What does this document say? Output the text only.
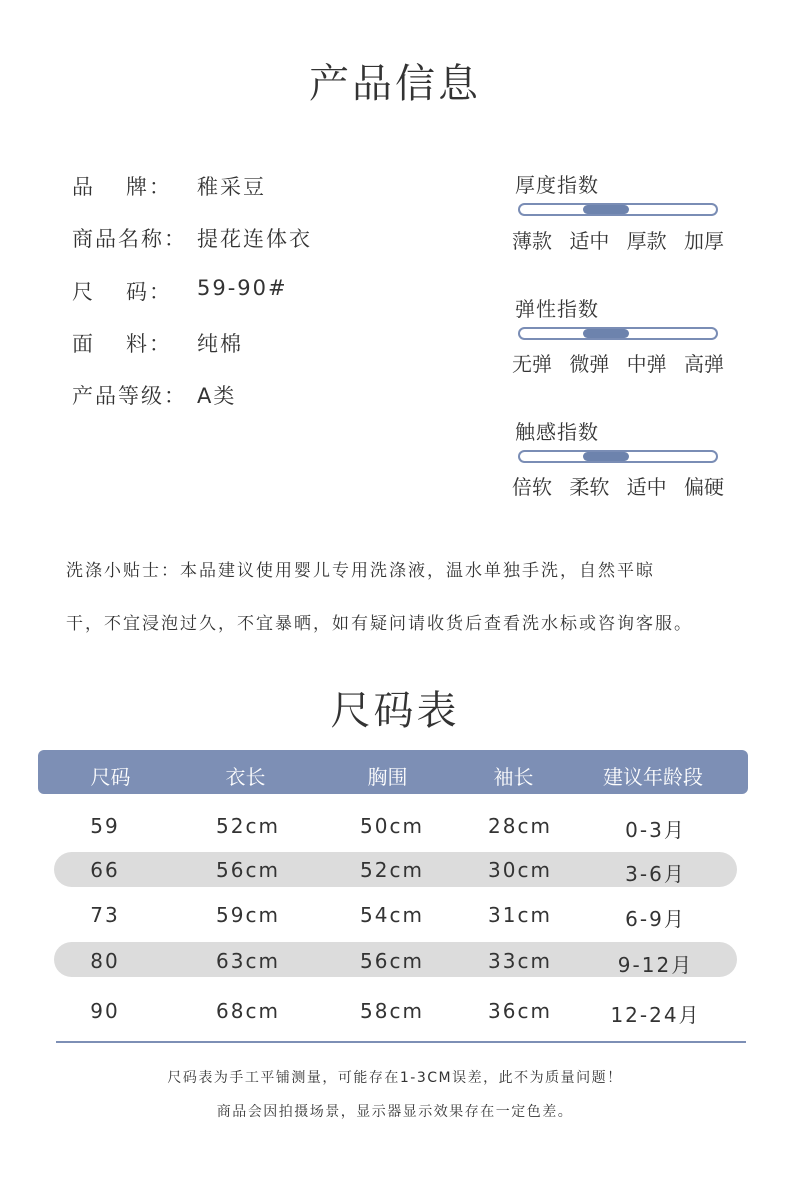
产品信息
品 牌： 稚采豆
商品名称： 提花连体衣
尺 码： 59-90#
面 料： 纯棉
产品等级： A类
厚度指数
薄款 适中 厚款 加厚
弹性指数
无弹 微弹 中弹 高弹
触感指数
倍软 柔软 适中 偏硬
洗涤小贴士：本品建议使用婴儿专用洗涤液，温水单独手洗，自然平晾
干，不宜浸泡过久，不宜暴晒，如有疑问请收货后查看洗水标或咨询客服。
尺码表
尺码	衣长	胸围	袖长	建议年龄段
59	52cm	50cm	28cm	0-3月
66	56cm	52cm	30cm	3-6月
73	59cm	54cm	31cm	6-9月
80	63cm	56cm	33cm	9-12月
90	68cm	58cm	36cm	12-24月
尺码表为手工平铺测量，可能存在1-3CM误差，此不为质量问题！
商品会因拍摄场景，显示器显示效果存在一定色差。
